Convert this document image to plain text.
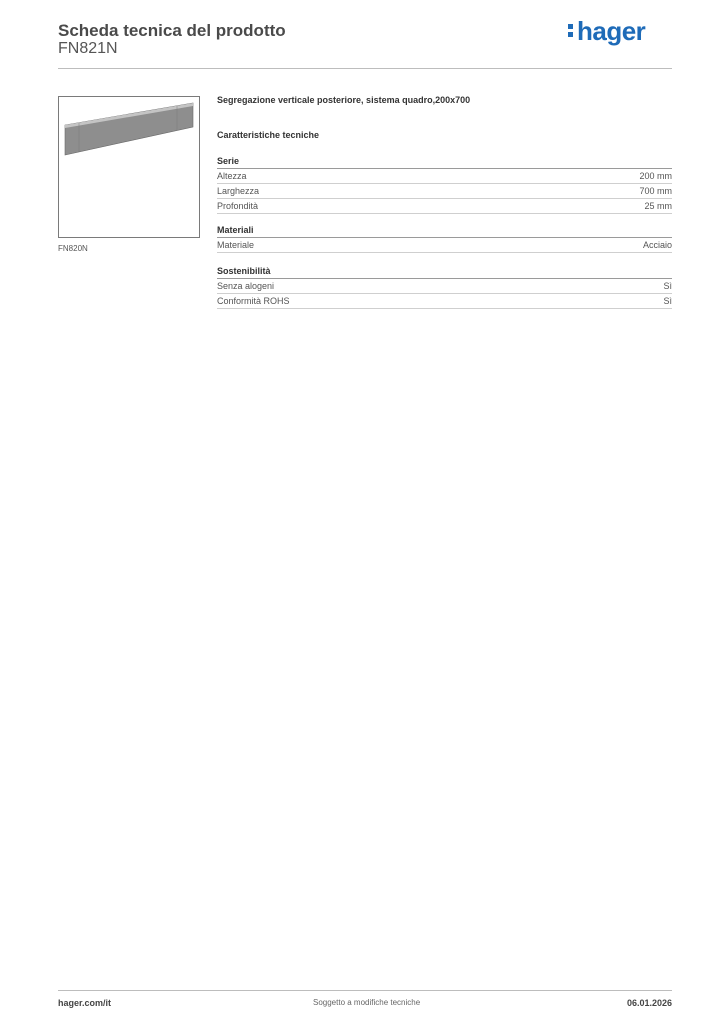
Scheda tecnica del prodotto
FN821N
hager
FN820N
Segregazione verticale posteriore, sistema quadro,200x700
Caratteristiche tecniche
Serie
Altezza	200 mm
Larghezza	700 mm
Profondità	25 mm
Materiali
Materiale	Acciaio
Sostenibilità
Senza alogeni	Sì
Conformità ROHS	Sì
hager.com/it	Soggetto a modifiche tecniche	06.01.2026
